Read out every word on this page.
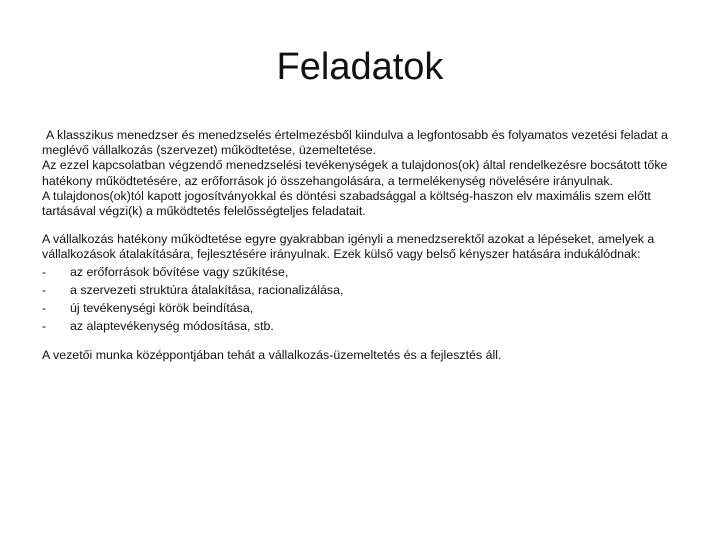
Feladatok

A klasszikus menedzser és menedzselés értelmezésből kiindulva a legfontosabb és folyamatos vezetési feladat a meglévő vállalkozás (szervezet) működtetése, üzemeltetése.

Az ezzel kapcsolatban végzendő menedzselési tevékenységek a tulajdonos(ok) által rendelkezésre bocsátott tőke hatékony működtetésére, az erőforrások jó összehangolására, a termelékenység növelésére irányulnak.

A tulajdonos(ok)tól kapott jogosítványokkal és döntési szabadsággal a költség-haszon elv maximális szem előtt tartásával végzi(k) a működtetés felelősségteljes feladatait.

A vállalkozás hatékony működtetése egyre gyakrabban igényli a menedzserektől azokat a lépéseket, amelyek a vállalkozások átalakítására, fejlesztésére irányulnak. Ezek külső vagy belső kényszer hatására indukálódnak:

- az erőforrások bővítése vagy szűkítése,
- a szervezeti struktúra átalakítása, racionalizálása,
- új tevékenységi körök beindítása,
- az alaptevékenység módosítása, stb.

A vezetői munka középpontjában tehát a vállalkozás-üzemeltetés és a fejlesztés áll.
